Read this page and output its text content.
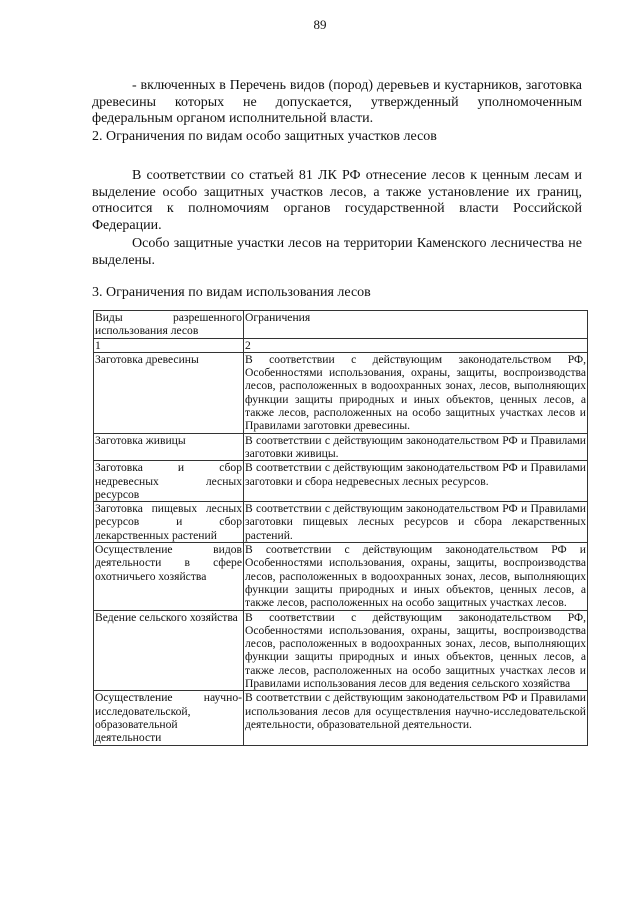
89

- включенных в Перечень видов (пород) деревьев и кустарников, заготовка древесины которых не допускается, утвержденный уполномоченным федеральным органом исполнительной власти.

2. Ограничения по видам особо защитных участков лесов

В соответствии со статьей 81 ЛК РФ отнесение лесов к ценным лесам и выделение особо защитных участков лесов, а также установление их границ, относится к полномочиям органов государственной власти Российской Федерации.

Особо защитные участки лесов на территории Каменского лесничества не выделены.

3. Ограничения по видам использования лесов
Виды разрешенного использования лесов	Ограничения
1	2
Заготовка древесины	В соответствии с действующим законодательством РФ, Особенностями использования, охраны, защиты, воспроизводства лесов, расположенных в водоохранных зонах, лесов, выполняющих функции защиты природных и иных объектов, ценных лесов, а также лесов, расположенных на особо защитных участках лесов и Правилами заготовки древесины.
Заготовка живицы	В соответствии с действующим законодательством РФ и Правилами заготовки живицы.
Заготовка и сбор недревесных лесных ресурсов	В соответствии с действующим законодательством РФ и Правилами заготовки и сбора недревесных лесных ресурсов.
Заготовка пищевых лесных ресурсов и сбор лекарственных растений	В соответствии с действующим законодательством РФ и Правилами заготовки пищевых лесных ресурсов и сбора лекарственных растений.
Осуществление видов деятельности в сфере охотничьего хозяйства	В соответствии с действующим законодательством РФ и Особенностями использования, охраны, защиты, воспроизводства лесов, расположенных в водоохранных зонах, лесов, выполняющих функции защиты природных и иных объектов, ценных лесов, а также лесов, расположенных на особо защитных участках лесов.
Ведение сельского хозяйства	В соответствии с действующим законодательством РФ, Особенностями использования, охраны, защиты, воспроизводства лесов, расположенных в водоохранных зонах, лесов, выполняющих функции защиты природных и иных объектов, ценных лесов, а также лесов, расположенных на особо защитных участках лесов и Правилами использования лесов для ведения сельского хозяйства
Осуществление научно-исследовательской, образовательной деятельности	В соответствии с действующим законодательством РФ и Правилами использования лесов для осуществления научно-исследовательской деятельности, образовательной деятельности.
